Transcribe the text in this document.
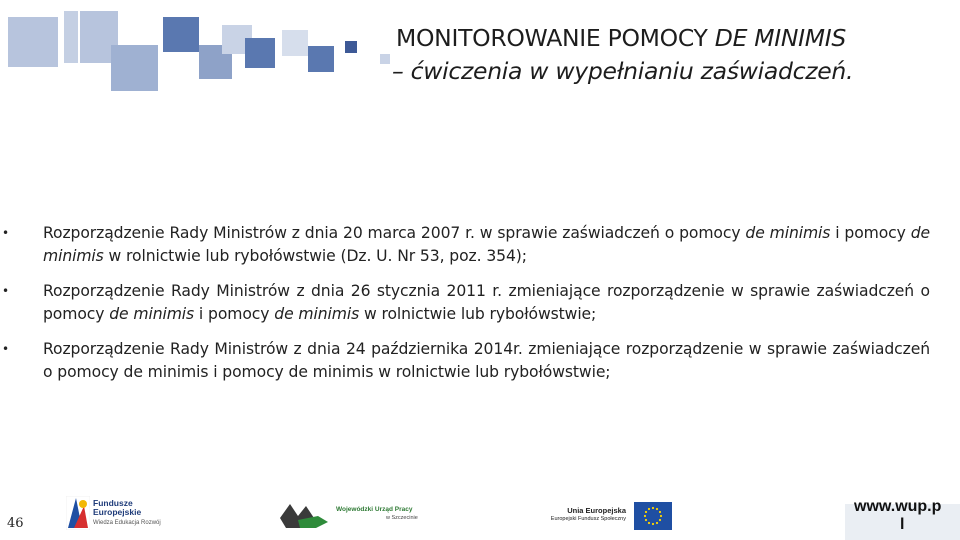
MONITOROWANIE POMOCY DE MINIMIS
– ćwiczenia w wypełnianiu zaświadczeń.
• Rozporządzenie Rady Ministrów z dnia 20 marca 2007 r. w sprawie zaświadczeń o pomocy de minimis i pomocy de minimis w rolnictwie lub rybołówstwie (Dz. U. Nr 53, poz. 354);
• Rozporządzenie Rady Ministrów z dnia 26 stycznia 2011 r. zmieniające rozporządzenie w sprawie zaświadczeń o pomocy de minimis i pomocy de minimis w rolnictwie lub rybołówstwie;
• Rozporządzenie Rady Ministrów z dnia 24 października 2014r. zmieniające rozporządzenie w sprawie zaświadczeń o pomocy de minimis i pomocy de minimis w rolnictwie lub rybołówstwie;
46
Fundusze
Europejskie
Wiedza Edukacja Rozwój
Wojewódzki Urząd Pracy
w Szczecinie
Unia Europejska
Europejski Fundusz Społeczny
www.wup.p
l
